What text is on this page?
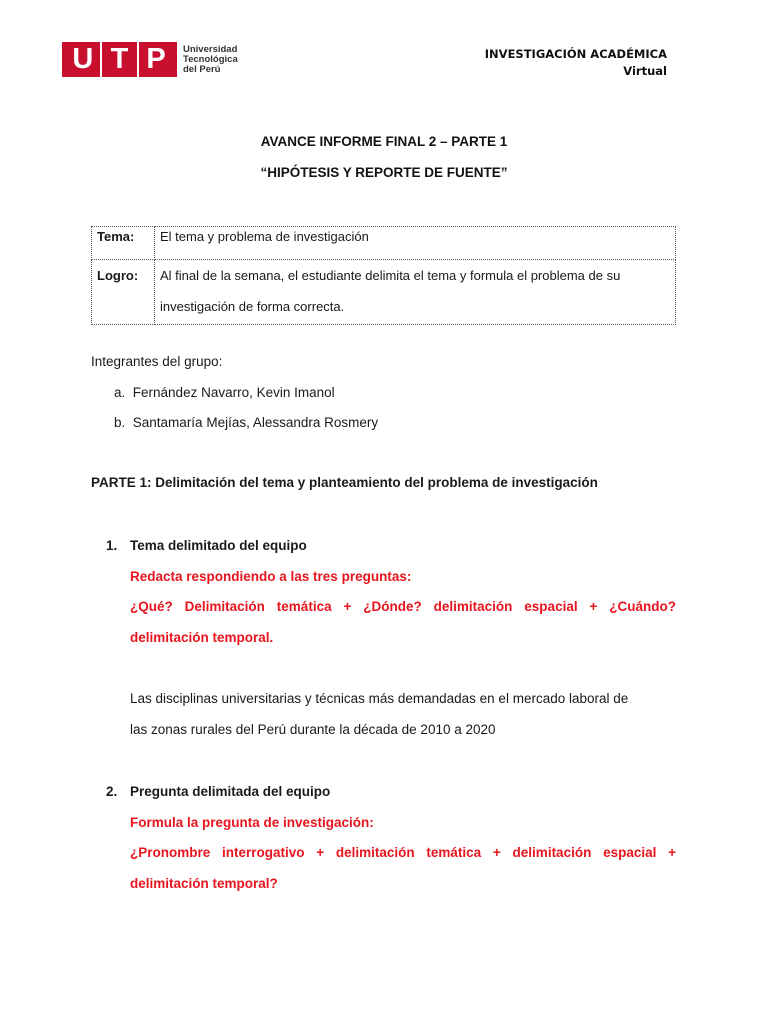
U T P	Universidad
Tecnológica
del Perú
INVESTIGACIÓN ACADÉMICA
Virtual
AVANCE INFORME FINAL 2 – PARTE 1
“HIPÓTESIS Y REPORTE DE FUENTE”
Tema:	El tema y problema de investigación
Logro:	Al final de la semana, el estudiante delimita el tema y formula el problema de su
investigación de forma correcta.
Integrantes del grupo:
a. Fernández Navarro, Kevin Imanol
b. Santamaría Mejías, Alessandra Rosmery
PARTE 1: Delimitación del tema y planteamiento del problema de investigación
1. Tema delimitado del equipo
Redacta respondiendo a las tres preguntas:
¿Qué? Delimitación temática + ¿Dónde? delimitación espacial + ¿Cuándo?
delimitación temporal.
Las disciplinas universitarias y técnicas más demandadas en el mercado laboral de
las zonas rurales del Perú durante la década de 2010 a 2020
2. Pregunta delimitada del equipo
Formula la pregunta de investigación:
¿Pronombre interrogativo + delimitación temática + delimitación espacial +
delimitación temporal?
